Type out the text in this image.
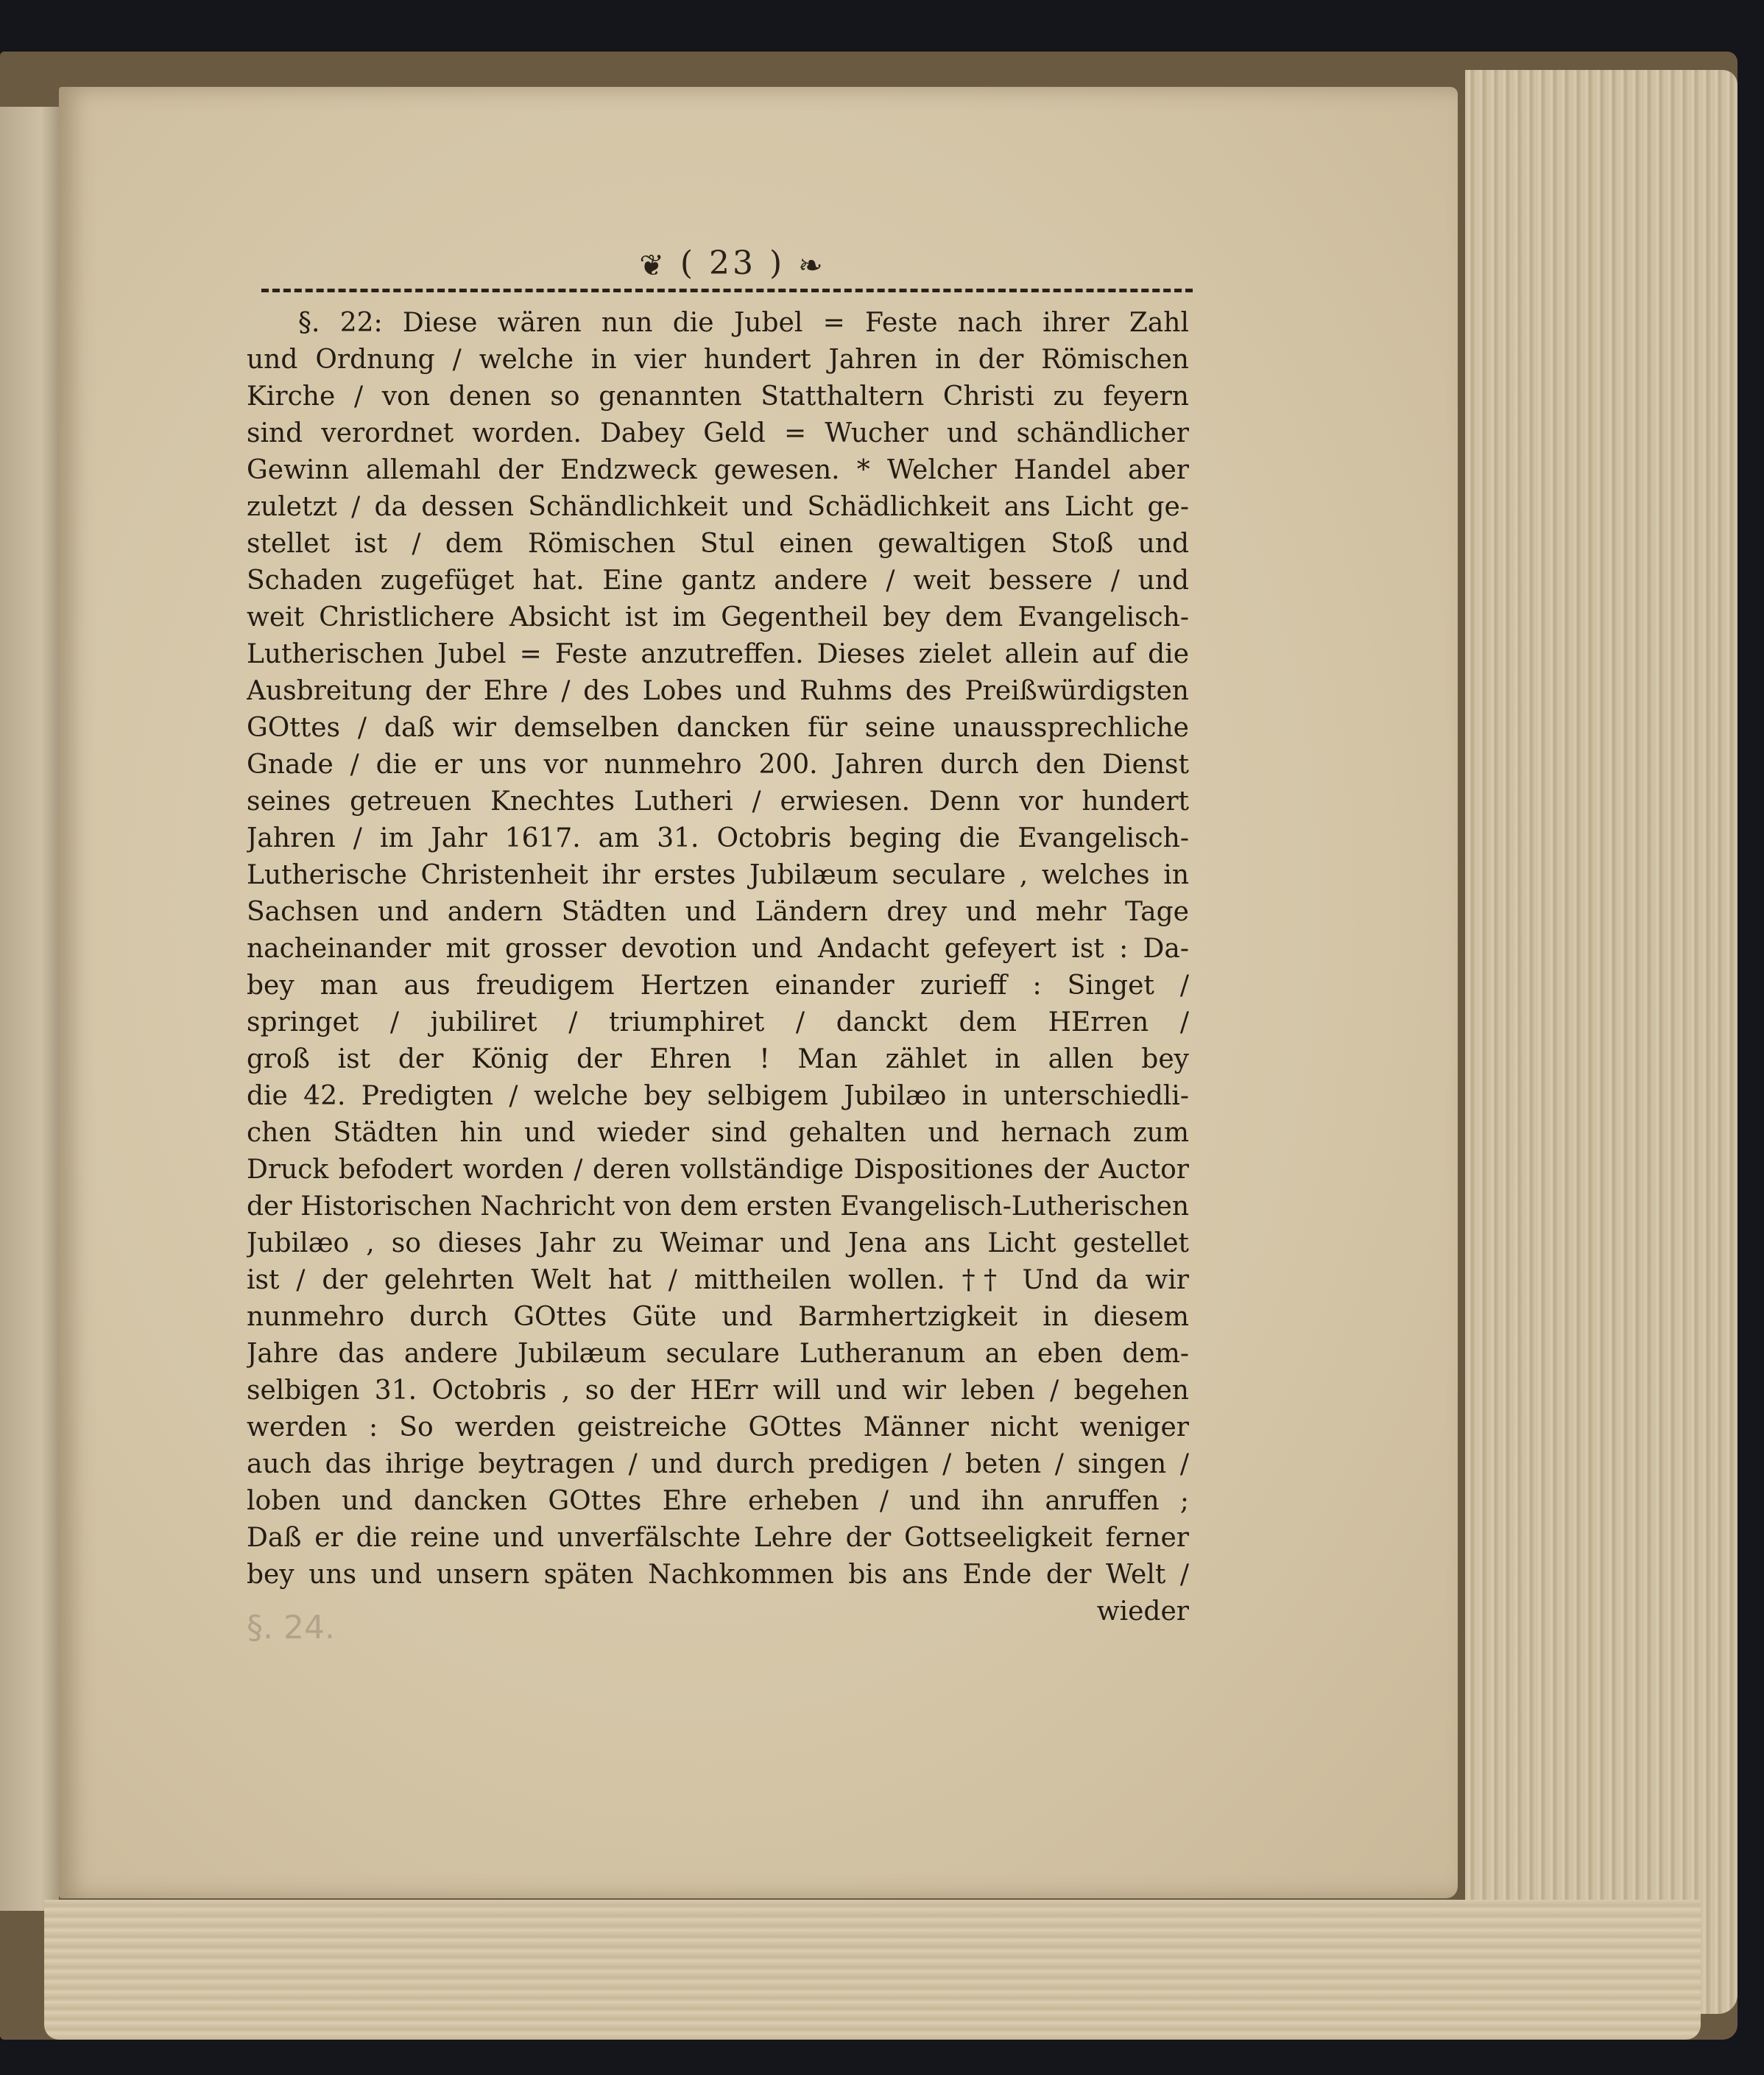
❦ ( 23 ) ❧
§. 22: Diese wären nun die Jubel = Feste nach ihrer Zahl
und Ordnung / welche in vier hundert Jahren in der Römischen
Kirche / von denen so genannten Statthaltern Christi zu feyern
sind verordnet worden. Dabey Geld = Wucher und schändlicher
Gewinn allemahl der Endzweck gewesen. * Welcher Handel aber
zuletzt / da dessen Schändlichkeit und Schädlichkeit ans Licht ge-
stellet ist / dem Römischen Stul einen gewaltigen Stoß und
Schaden zugefüget hat. Eine gantz andere / weit bessere / und
weit Christlichere Absicht ist im Gegentheil bey dem Evangelisch-
Lutherischen Jubel = Feste anzutreffen. Dieses zielet allein auf die
Ausbreitung der Ehre / des Lobes und Ruhms des Preißwürdigsten
GOttes / daß wir demselben dancken für seine unaussprechliche
Gnade / die er uns vor nunmehro 200. Jahren durch den Dienst
seines getreuen Knechtes Lutheri / erwiesen. Denn vor hundert
Jahren / im Jahr 1617. am 31. Octobris beging die Evangelisch-
Lutherische Christenheit ihr erstes Jubilæum seculare , welches in
Sachsen und andern Städten und Ländern drey und mehr Tage
nacheinander mit grosser devotion und Andacht gefeyert ist : Da-
bey man aus freudigem Hertzen einander zurieff : Singet /
springet / jubiliret / triumphiret / danckt dem HErren /
groß ist der König der Ehren ! Man zählet in allen bey
die 42. Predigten / welche bey selbigem Jubilæo in unterschiedli-
chen Städten hin und wieder sind gehalten und hernach zum
Druck befodert worden / deren vollständige Dispositiones der Auctor
der Historischen Nachricht von dem ersten Evangelisch-Lutherischen
Jubilæo , so dieses Jahr zu Weimar und Jena ans Licht gestellet
ist / der gelehrten Welt hat / mittheilen wollen. †† Und da wir
nunmehro durch GOttes Güte und Barmhertzigkeit in diesem
Jahre das andere Jubilæum seculare Lutheranum an eben dem-
selbigen 31. Octobris , so der HErr will und wir leben / begehen
werden : So werden geistreiche GOttes Männer nicht weniger
auch das ihrige beytragen / und durch predigen / beten / singen /
loben und dancken GOttes Ehre erheben / und ihn anruffen ;
Daß er die reine und unverfälschte Lehre der Gottseeligkeit ferner
bey uns und unsern späten Nachkommen bis ans Ende der Welt /
wieder
§. 24.
